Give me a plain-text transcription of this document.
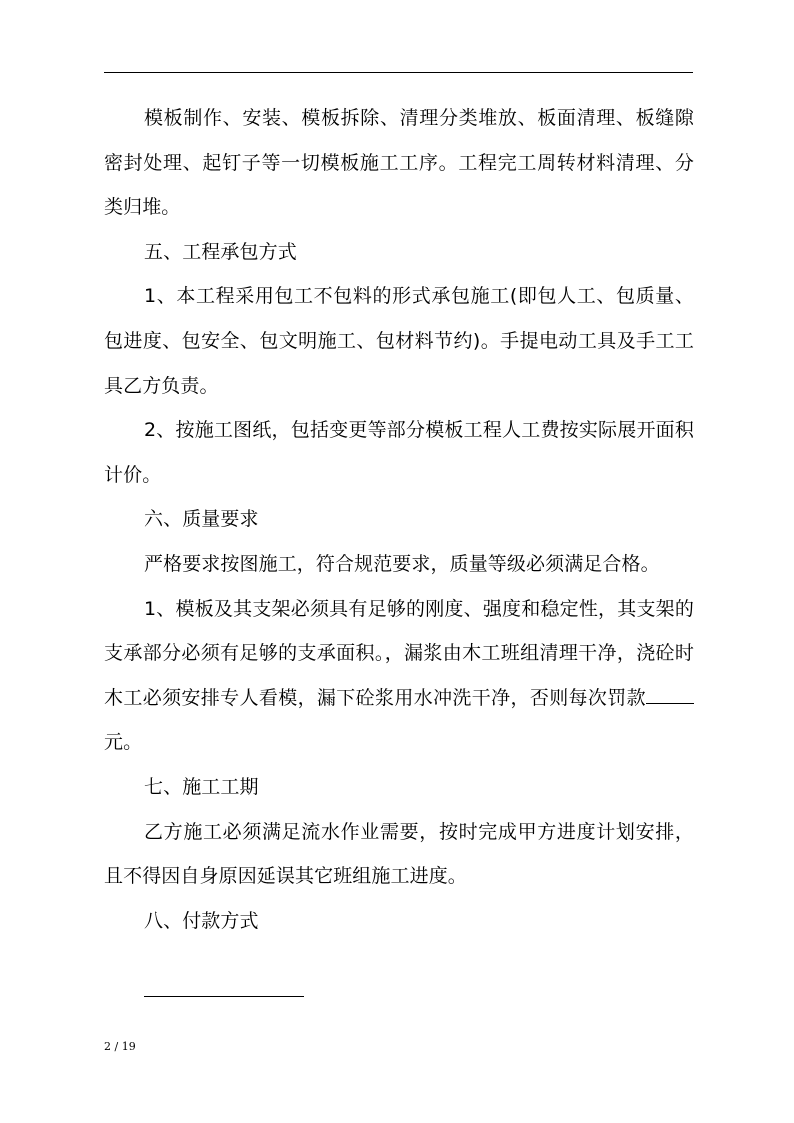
模板制作、安装、模板拆除、清理分类堆放、板面清理、板缝隙密封处理、起钉子等一切模板施工工序。工程完工周转材料清理、分类归堆。

五、工程承包方式

1、本工程采用包工不包料的形式承包施工(即包人工、包质量、包进度、包安全、包文明施工、包材料节约)。手提电动工具及手工工具乙方负责。

2、按施工图纸，包括变更等部分模板工程人工费按实际展开面积计价。

六、质量要求

严格要求按图施工，符合规范要求，质量等级必须满足合格。

1、模板及其支架必须具有足够的刚度、强度和稳定性，其支架的支承部分必须有足够的支承面积。，漏浆由木工班组清理干净，浇砼时木工必须安排专人看模，漏下砼浆用水冲洗干净，否则每次罚款元。

七、施工工期

乙方施工必须满足流水作业需要，按时完成甲方进度计划安排，且不得因自身原因延误其它班组施工进度。

八、付款方式

2 / 19
